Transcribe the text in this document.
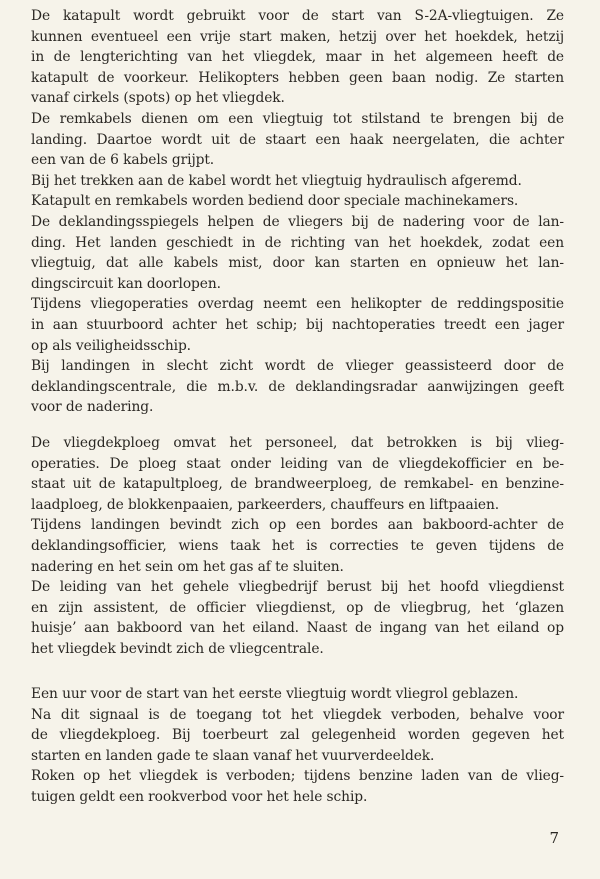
De katapult wordt gebruikt voor de start van S-2A-vliegtuigen. Ze
kunnen eventueel een vrije start maken, hetzij over het hoekdek, hetzij
in de lengterichting van het vliegdek, maar in het algemeen heeft de
katapult de voorkeur. Helikopters hebben geen baan nodig. Ze starten
vanaf cirkels (spots) op het vliegdek.
De remkabels dienen om een vliegtuig tot stilstand te brengen bij de
landing. Daartoe wordt uit de staart een haak neergelaten, die achter
een van de 6 kabels grijpt.
Bij het trekken aan de kabel wordt het vliegtuig hydraulisch afgeremd.
Katapult en remkabels worden bediend door speciale machinekamers.
De deklandingsspiegels helpen de vliegers bij de nadering voor de lan-
ding. Het landen geschiedt in de richting van het hoekdek, zodat een
vliegtuig, dat alle kabels mist, door kan starten en opnieuw het lan-
dingscircuit kan doorlopen.
Tijdens vliegoperaties overdag neemt een helikopter de reddingspositie
in aan stuurboord achter het schip; bij nachtoperaties treedt een jager
op als veiligheidsschip.
Bij landingen in slecht zicht wordt de vlieger geassisteerd door de
deklandingscentrale, die m.b.v. de deklandingsradar aanwijzingen geeft
voor de nadering.
De vliegdekploeg omvat het personeel, dat betrokken is bij vlieg-
operaties. De ploeg staat onder leiding van de vliegdekofficier en be-
staat uit de katapultploeg, de brandweerploeg, de remkabel- en benzine-
laadploeg, de blokkenpaaien, parkeerders, chauffeurs en liftpaaien.
Tijdens landingen bevindt zich op een bordes aan bakboord-achter de
deklandingsofficier, wiens taak het is correcties te geven tijdens de
nadering en het sein om het gas af te sluiten.
De leiding van het gehele vliegbedrijf berust bij het hoofd vliegdienst
en zijn assistent, de officier vliegdienst, op de vliegbrug, het ‘glazen
huisje’ aan bakboord van het eiland. Naast de ingang van het eiland op
het vliegdek bevindt zich de vliegcentrale.
Een uur voor de start van het eerste vliegtuig wordt vliegrol geblazen.
Na dit signaal is de toegang tot het vliegdek verboden, behalve voor
de vliegdekploeg. Bij toerbeurt zal gelegenheid worden gegeven het
starten en landen gade te slaan vanaf het vuurverdeeldek.
Roken op het vliegdek is verboden; tijdens benzine laden van de vlieg-
tuigen geldt een rookverbod voor het hele schip.
7
